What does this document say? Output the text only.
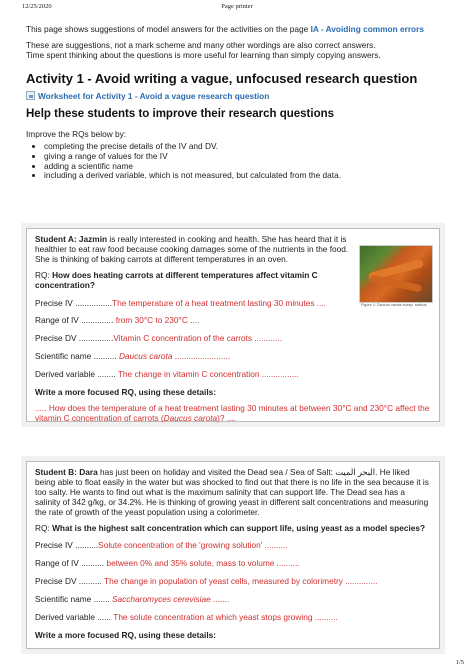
12/25/2020	Page printer

This page shows suggestions of model answers for the activities on the page IA - Avoiding common errors

These are suggestions, not a mark scheme and many other wordings are also correct answers.

Time spent thinking about the questions is more useful for learning than simply copying answers.

Activity 1 - Avoid writing a vague, unfocused research question
Worksheet for Activity 1 - Avoid a vague research question
Help these students to improve their research questions

Improve the RQs below by:

• completing the precise details of the IV and DV.
• giving a range of values for the IV
• adding a scientific name
• including a derived variable, which is not measured, but calculated from the data.

Student A: Jazmin is really interested in cooking and health. She has heard that it is healthier to eat raw food because cooking damages some of the nutrients in the food. She is thinking of baking carrots at different temperatures in an oven.

RQ: How does heating carrots at different temperatures affect vitamin C concentration?

Figure 1: Daucus carota subsp. sativus

Precise IV ................The temperature of a heat treatment lasting 30 minutes ....

Range of IV .............. from 30°C to 230°C ....

Precise DV ...............Vitamin C concentration of the carrots ............

Scientific name .......... Daucus carota ........................

Derived variable ........ The change in vitamin C concentration ................

Write a more focused RQ, using these details:

..... How does the temperature of a heat treatment lasting 30 minutes at between 30°C and 230°C affect the vitamin C concentration of carrots (Daucus carota)? ....

Student B: Dara has just been on holiday and visited the Dead sea / Sea of Salt: البحر الميت. He liked being able to float easily in the water but was shocked to find out that there is no life in the sea because it is too salty. He wants to find out what is the maximum salinity that can support life. The Dead sea has a salinity of 342 g/kg, or 34.2%. He is thinking of growing yeast in different salt concentrations and measuring the rate of growth of the yeast population using a colorimeter.

RQ: What is the highest salt concentration which can support life, using yeast as a model species?

Precise IV ..........Solute concentration of the 'growing solution' ..........

Range of IV .......... between 0% and 35% solute, mass to volume ..........

Precise DV .......... The change in population of yeast cells, measured by colorimetry ..............

Scientific name ....... Saccharomyces cerevisiae .......

Derived variable ...... The solute concentration at which yeast stops growing ..........

Write a more focused RQ, using these details:

1/5
